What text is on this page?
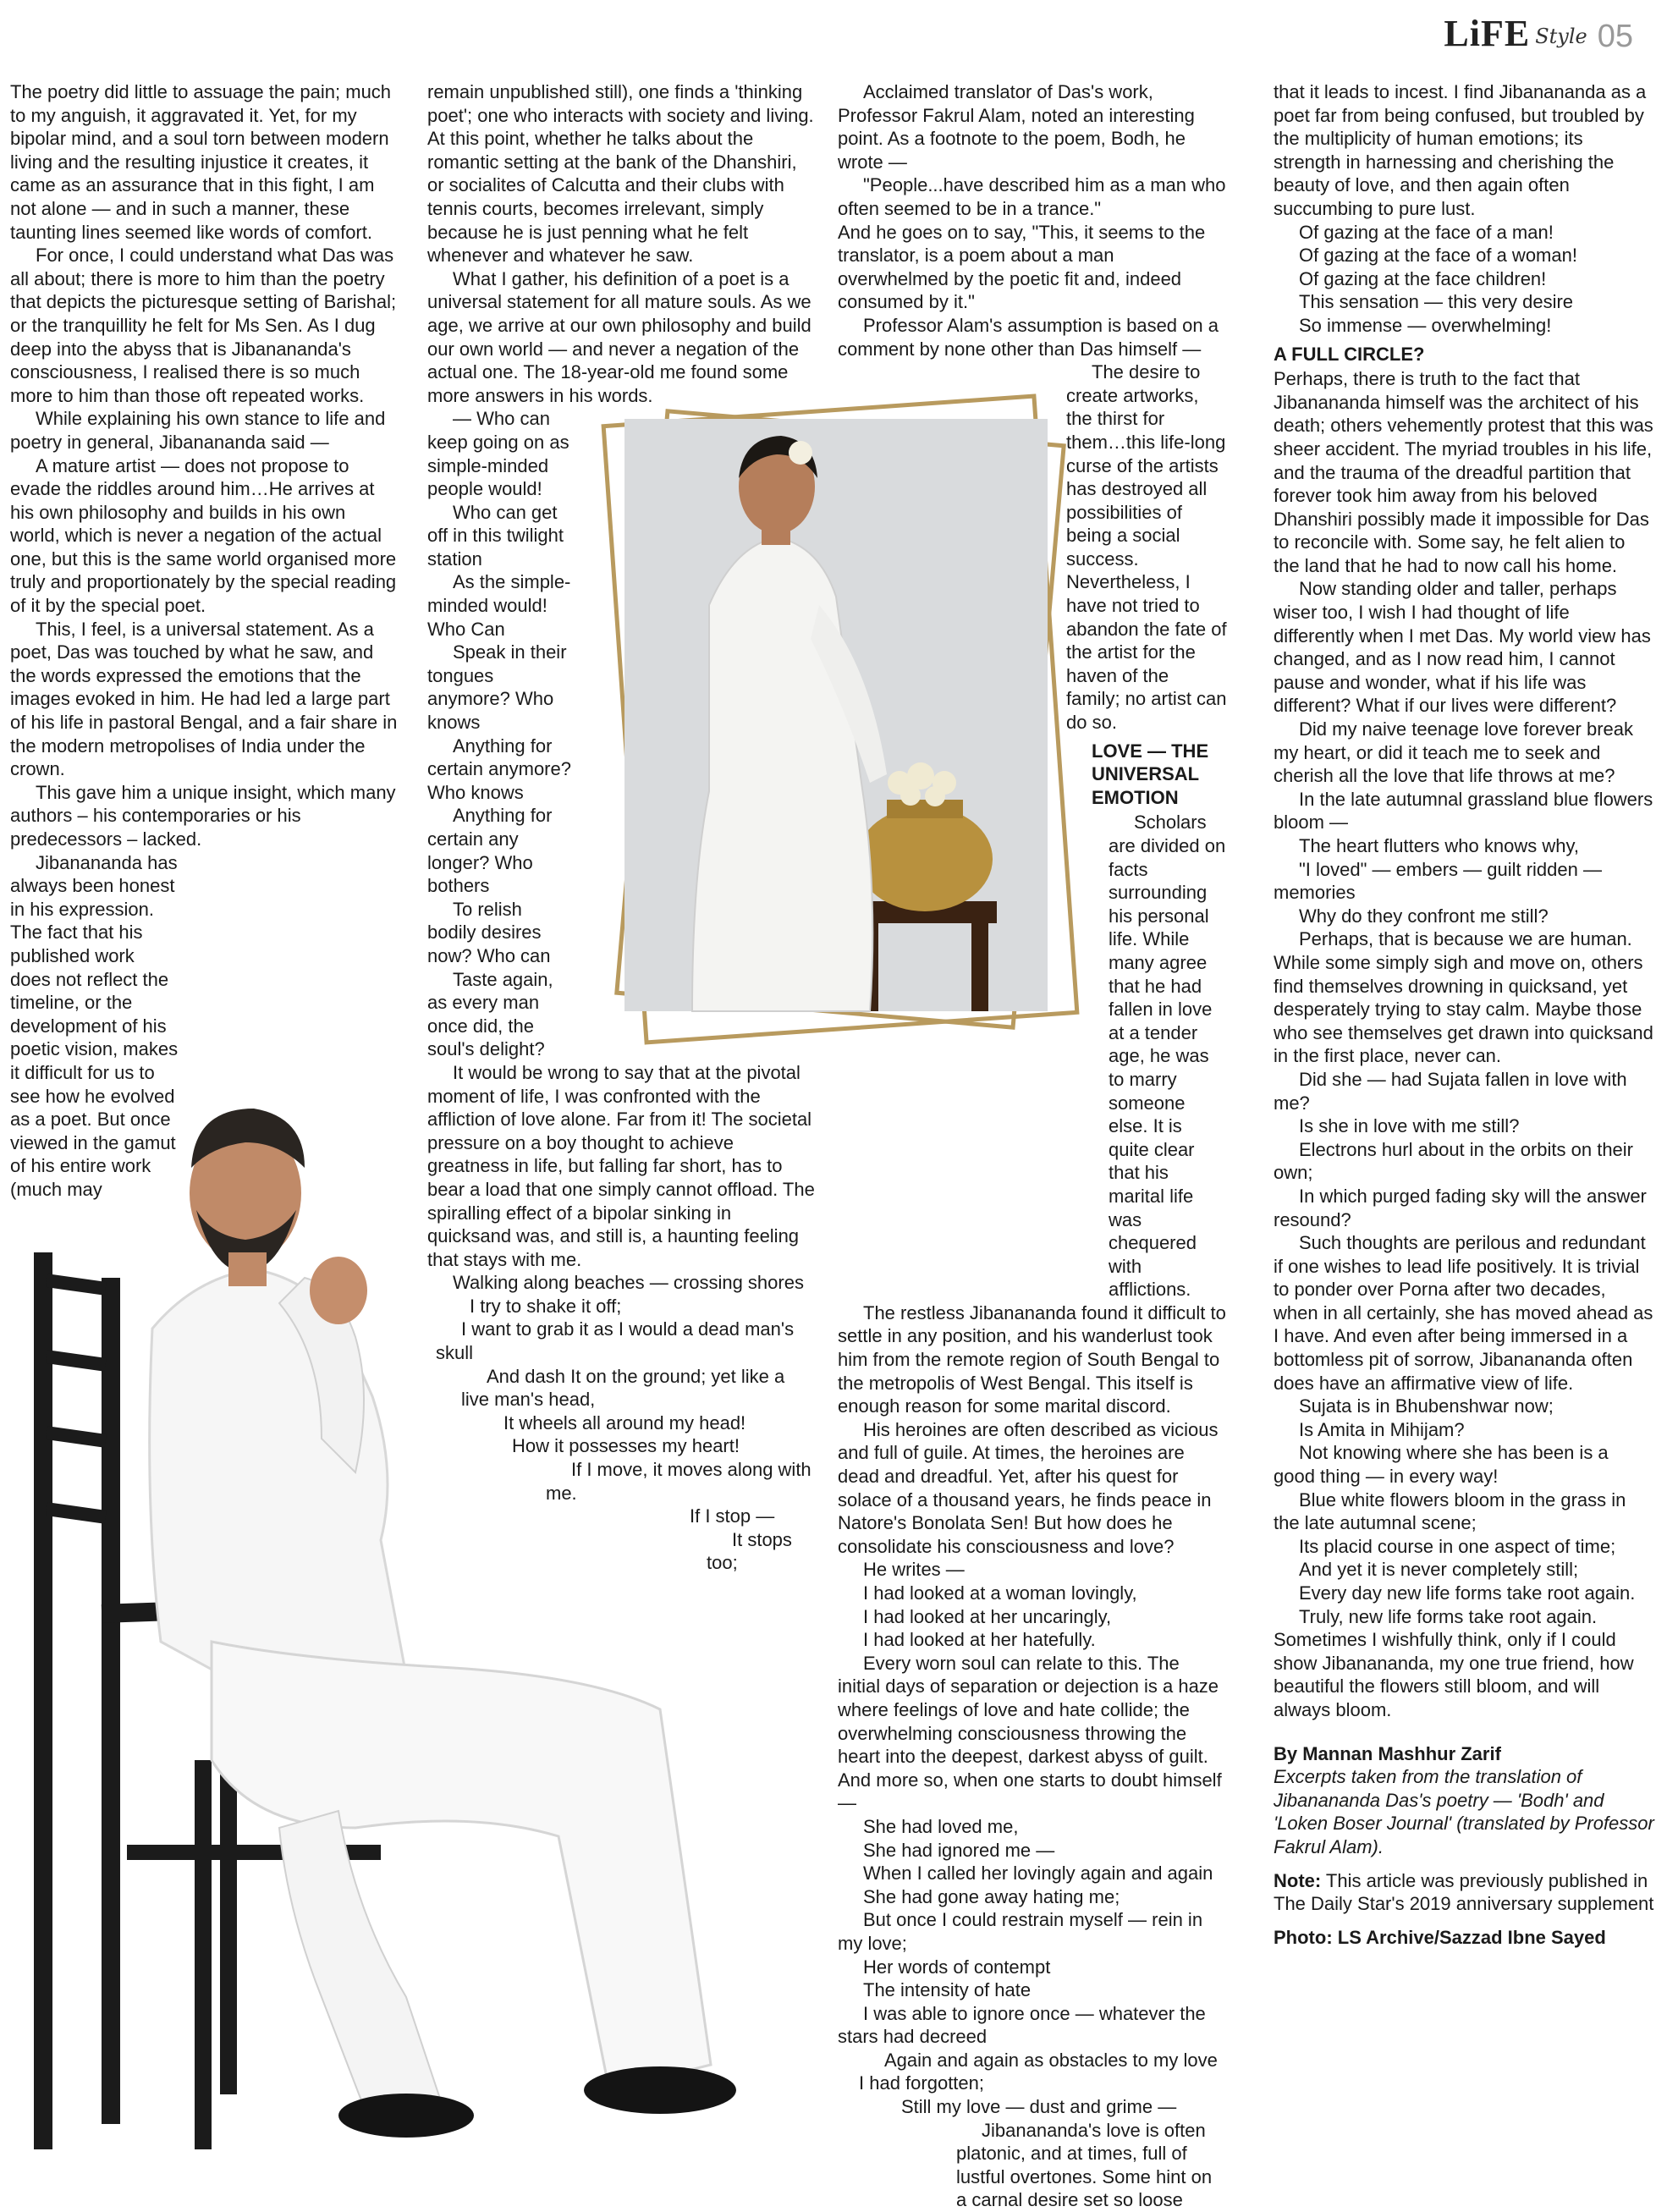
LiFE Style 05

The poetry did little to assuage the pain; much to my anguish, it aggravated it. Yet, for my bipolar mind, and a soul torn between modern living and the resulting injustice it creates, it came as an assurance that in this fight, I am not alone — and in such a manner, these taunting lines seemed like words of comfort.

For once, I could understand what Das was all about; there is more to him than the poetry that depicts the picturesque setting of Barishal; or the tranquillity he felt for Ms Sen. As I dug deep into the abyss that is Jibanananda's consciousness, I realised there is so much more to him than those oft repeated works.

While explaining his own stance to life and poetry in general, Jibanananda said —

A mature artist — does not propose to evade the riddles around him…He arrives at his own philosophy and builds in his own world, which is never a negation of the actual one, but this is the same world organised more truly and proportionately by the special reading of it by the special poet.

This, I feel, is a universal statement. As a poet, Das was touched by what he saw, and the words expressed the emotions that the images evoked in him. He had led a large part of his life in pastoral Bengal, and a fair share in the modern metropolises of India under the crown.

This gave him a unique insight, which many authors – his contemporaries or his predecessors – lacked.

Jibanananda has always been honest in his expression. The fact that his published work does not reflect the timeline, or the development of his poetic vision, makes it difficult for us to see how he evolved as a poet. But once viewed in the gamut of his entire work (much may

remain unpublished still), one finds a 'thinking poet'; one who interacts with society and living. At this point, whether he talks about the romantic setting at the bank of the Dhanshiri, or socialites of Calcutta and their clubs with tennis courts, becomes irrelevant, simply because he is just penning what he felt whenever and whatever he saw.

What I gather, his definition of a poet is a universal statement for all mature souls. As we age, we arrive at our own philosophy and build our own world — and never a negation of the actual one. The 18-year-old me found some more answers in his words.

— Who can keep going on as simple-minded people would!

Who can get off in this twilight station

As the simple-minded would! Who Can

Speak in their tongues anymore? Who knows

Anything for certain anymore? Who knows

Anything for certain any longer? Who bothers

To relish bodily desires now? Who can

Taste again, as every man once did, the soul's delight?

It would be wrong to say that at the pivotal moment of life, I was confronted with the affliction of love alone. Far from it! The societal pressure on a boy thought to achieve greatness in life, but falling far short, has to bear a load that one simply cannot offload. The spiralling effect of a bipolar sinking in quicksand was, and still is, a haunting feeling that stays with me.

Walking along beaches — crossing shores

I try to shake it off;

I want to grab it as I would a dead man's skull

And dash It on the ground; yet like a live man's head,

It wheels all around my head!

How it possesses my heart!

If I move, it moves along with me.

If I stop —

It stops too;

Acclaimed translator of Das's work, Professor Fakrul Alam, noted an interesting point. As a footnote to the poem, Bodh, he wrote —

"People...have described him as a man who often seemed to be in a trance."

And he goes on to say, "This, it seems to the translator, is a poem about a man overwhelmed by the poetic fit and, indeed consumed by it."

Professor Alam's assumption is based on a comment by none other than Das himself —

The desire to create artworks, the thirst for them…this life-long curse of the artists has destroyed all possibilities of being a social success. Nevertheless, I have not tried to abandon the fate of the artist for the haven of the family; no artist can do so.

LOVE — THE UNIVERSAL EMOTION

Scholars are divided on facts surrounding his personal life. While many agree that he had fallen in love at a tender age, he was to marry someone else. It is quite clear that his marital life was chequered with afflictions.

The restless Jibanananda found it difficult to settle in any position, and his wanderlust took him from the remote region of South Bengal to the metropolis of West Bengal. This itself is enough reason for some marital discord.

His heroines are often described as vicious and full of guile. At times, the heroines are dead and dreadful. Yet, after his quest for solace of a thousand years, he finds peace in Natore's Bonolata Sen! But how does he consolidate his consciousness and love?

He writes —

I had looked at a woman lovingly,

I had looked at her uncaringly,

I had looked at her hatefully.

Every worn soul can relate to this. The initial days of separation or dejection is a haze where feelings of love and hate collide; the overwhelming consciousness throwing the heart into the deepest, darkest abyss of guilt. And more so, when one starts to doubt himself —

She had loved me,

She had ignored me —

When I called her lovingly again and again

She had gone away hating me;

But once I could restrain myself — rein in my love;

Her words of contempt

The intensity of hate

I was able to ignore once — whatever the stars had decreed

Again and again as obstacles to my love I had forgotten;

Still my love — dust and grime —

Jibanananda's love is often platonic, and at times, full of lustful overtones. Some hint on a carnal desire set so loose

that it leads to incest. I find Jibanananda as a poet far from being confused, but troubled by the multiplicity of human emotions; its strength in harnessing and cherishing the beauty of love, and then again often succumbing to pure lust.

Of gazing at the face of a man!

Of gazing at the face of a woman!

Of gazing at the face children!

This sensation — this very desire

So immense — overwhelming!

A FULL CIRCLE?

Perhaps, there is truth to the fact that Jibanananda himself was the architect of his death; others vehemently protest that this was sheer accident. The myriad troubles in his life, and the trauma of the dreadful partition that forever took him away from his beloved Dhanshiri possibly made it impossible for Das to reconcile with. Some say, he felt alien to the land that he had to now call his home.

Now standing older and taller, perhaps wiser too, I wish I had thought of life differently when I met Das. My world view has changed, and as I now read him, I cannot pause and wonder, what if his life was different? What if our lives were different?

Did my naive teenage love forever break my heart, or did it teach me to seek and cherish all the love that life throws at me?

In the late autumnal grassland blue flowers bloom —

The heart flutters who knows why,

"I loved" — embers — guilt ridden — memories

Why do they confront me still?

Perhaps, that is because we are human. While some simply sigh and move on, others find themselves drowning in quicksand, yet desperately trying to stay calm. Maybe those who see themselves get drawn into quicksand in the first place, never can.

Did she — had Sujata fallen in love with me?

Is she in love with me still?

Electrons hurl about in the orbits on their own;

In which purged fading sky will the answer resound?

Such thoughts are perilous and redundant if one wishes to lead life positively. It is trivial to ponder over Porna after two decades, when in all certainly, she has moved ahead as I have. And even after being immersed in a bottomless pit of sorrow, Jibanananda often does have an affirmative view of life.

Sujata is in Bhubenshwar now;

Is Amita in Mihijam?

Not knowing where she has been is a good thing — in every way!

Blue white flowers bloom in the grass in the late autumnal scene;

Its placid course in one aspect of time;

And yet it is never completely still;

Every day new life forms take root again.

Truly, new life forms take root again.

Sometimes I wishfully think, only if I could show Jibanananda, my one true friend, how beautiful the flowers still bloom, and will always bloom.

By Mannan Mashhur Zarif

Excerpts taken from the translation of Jibanananda Das's poetry — 'Bodh' and 'Loken Boser Journal' (translated by Professor Fakrul Alam).

Note: This article was previously published in The Daily Star's 2019 anniversary supplement

Photo: LS Archive/Sazzad Ibne Sayed
